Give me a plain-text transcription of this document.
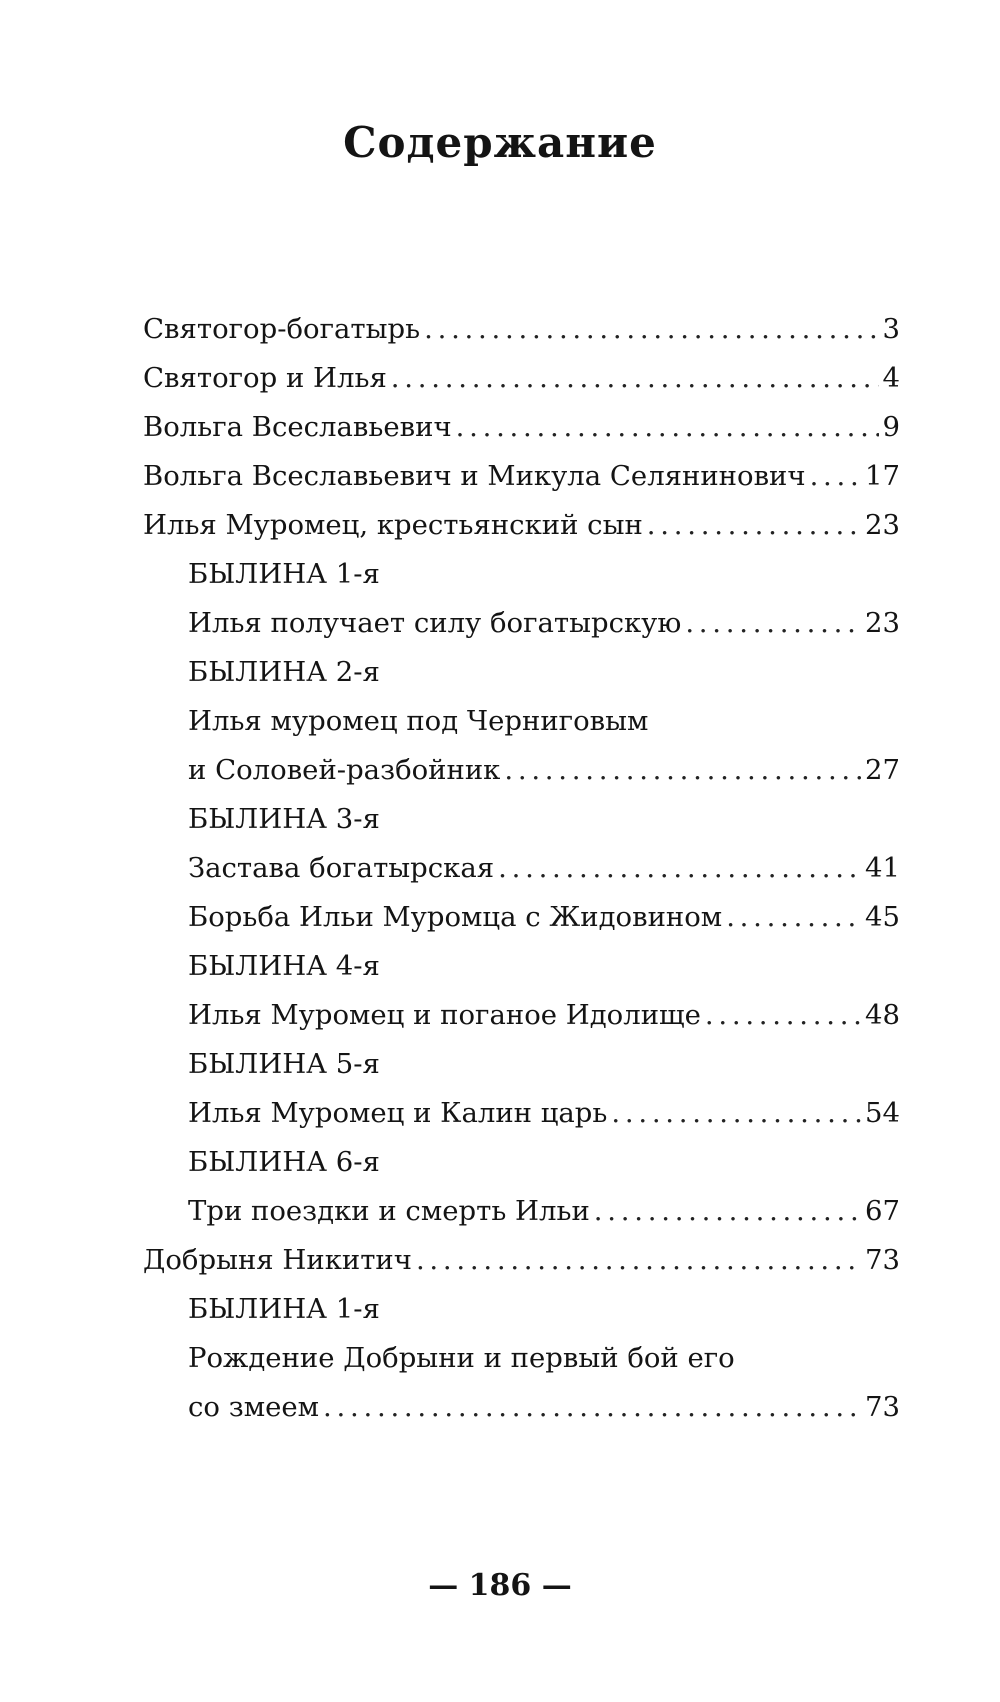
Содержание
Святогор-богатырь . . .	3
Святогор и Илья . . .	4
Вольга Всеславьевич . . .	9
Вольга Всеславьевич и Микула Селянинович . . . 17
Илья Муромец, крестьянский сын . . .	23
БЫЛИНА 1-я
Илья получает силу богатырскую . . .	23
БЫЛИНА 2-я
Илья муромец под Черниговым
и Соловей-разбойник . . .	27
БЫЛИНА 3-я
Застава богатырская . . .	41
Борьба Ильи Муромца с Жидовином . . .	45
БЫЛИНА 4-я
Илья Муромец и поганое Идолище . . .	48
БЫЛИНА 5-я
Илья Муромец и Калин царь . . .	54
БЫЛИНА 6-я
Три поездки и смерть Ильи . . .	67
Добрыня Никитич . . .	73
БЫЛИНА 1-я
Рождение Добрыни и первый бой его
со змеем . . .	73
— 186 —
